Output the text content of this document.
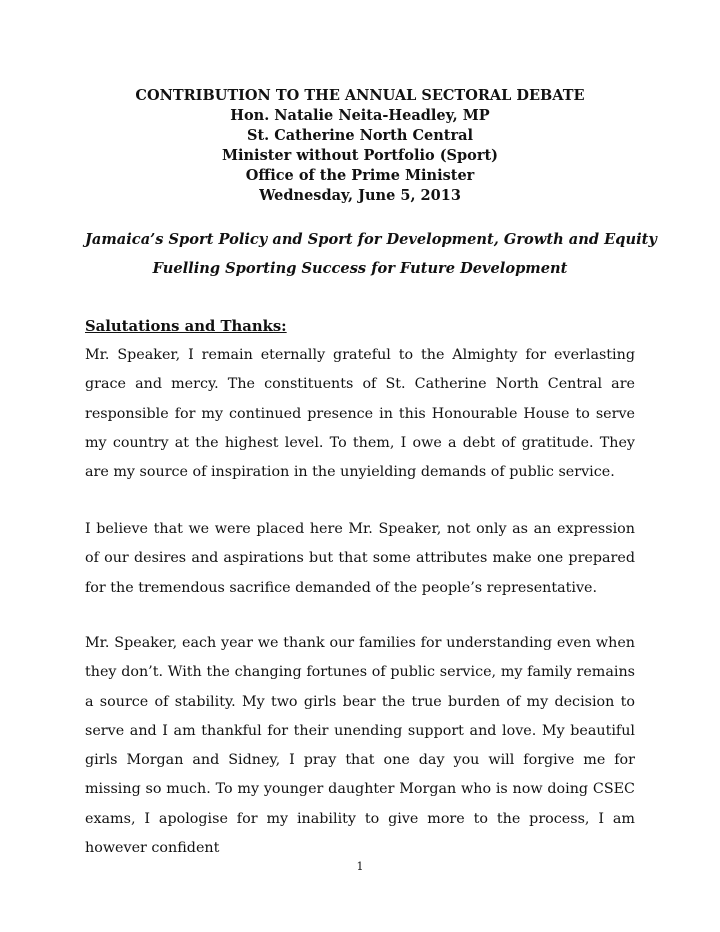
CONTRIBUTION TO THE ANNUAL SECTORAL DEBATE
Hon. Natalie Neita-Headley, MP
St. Catherine North Central
Minister without Portfolio (Sport)
Office of the Prime Minister
Wednesday, June 5, 2013
Jamaica’s Sport Policy and Sport for Development, Growth and Equity
Fuelling Sporting Success for Future Development
Salutations and Thanks:

Mr. Speaker, I remain eternally grateful to the Almighty for everlasting grace and mercy. The constituents of St. Catherine North Central are responsible for my continued presence in this Honourable House to serve my country at the highest level. To them, I owe a debt of gratitude. They are my source of inspiration in the unyielding demands of public service.

I believe that we were placed here Mr. Speaker, not only as an expression of our desires and aspirations but that some attributes make one prepared for the tremendous sacrifice demanded of the people’s representative.

Mr. Speaker, each year we thank our families for understanding even when they don’t. With the changing fortunes of public service, my family remains a source of stability. My two girls bear the true burden of my decision to serve and I am thankful for their unending support and love. My beautiful girls Morgan and Sidney, I pray that one day you will forgive me for missing so much. To my younger daughter Morgan who is now doing CSEC exams, I apologise for my inability to give more to the process, I am however confident

1
